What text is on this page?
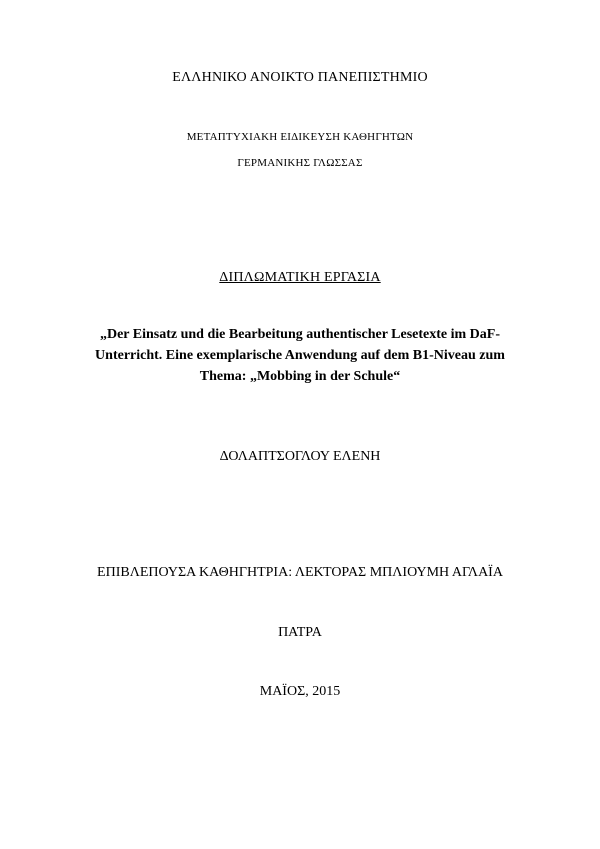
ΕΛΛΗΝΙΚΟ ΑΝΟΙΚΤΟ ΠΑΝΕΠΙΣΤΗΜΙΟ
ΜΕΤΑΠΤΥΧΙΑΚΗ ΕΙΔΙΚΕΥΣΗ ΚΑΘΗΓΗΤΩΝ
ΓΕΡΜΑΝΙΚΗΣ ΓΛΩΣΣΑΣ
ΔΙΠΛΩΜΑΤΙΚΗ ΕΡΓΑΣΙΑ
„Der Einsatz und die Bearbeitung authentischer Lesetexte im DaF-
Unterricht. Eine exemplarische Anwendung auf dem B1-Niveau zum
Thema: „Mobbing in der Schule“
ΔΟΛΑΠΤΣΟΓΛΟΥ ΕΛΕΝΗ
ΕΠΙΒΛΕΠΟΥΣΑ ΚΑΘΗΓΗΤΡΙΑ: ΛΕΚΤΟΡΑΣ ΜΠΛΙΟΥΜΗ ΑΓΛΑΪΑ
ΠΑΤΡΑ
ΜΑΪΟΣ, 2015
